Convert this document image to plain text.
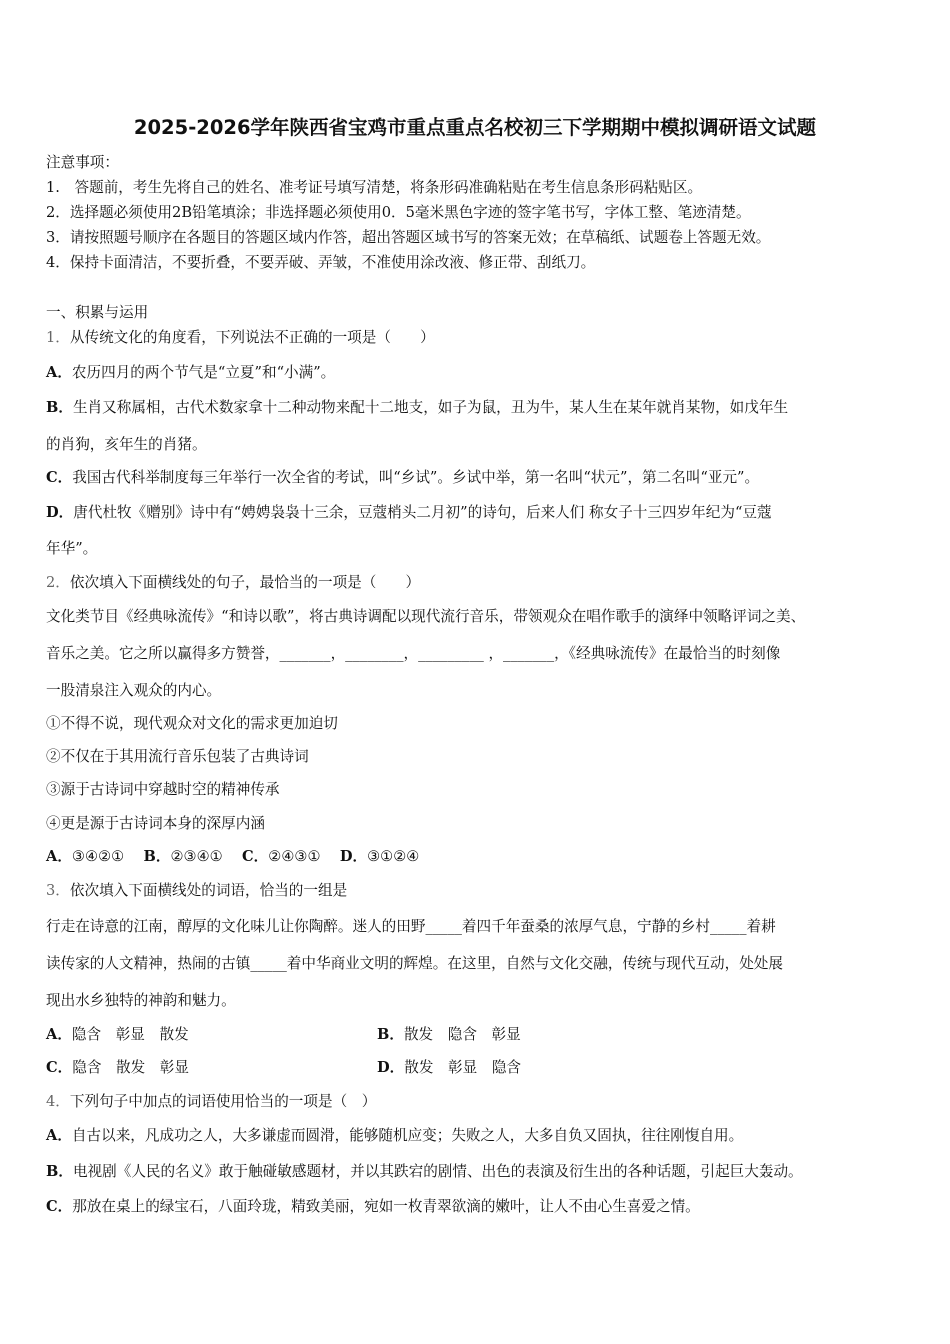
2025-2026学年陕西省宝鸡市重点重点名校初三下学期期中模拟调研语文试题
注意事项：
1.　答题前，考生先将自己的姓名、准考证号填写清楚，将条形码准确粘贴在考生信息条形码粘贴区。
2．选择题必须使用2B铅笔填涂；非选择题必须使用0．5毫米黑色字迹的签字笔书写，字体工整、笔迹清楚。
3．请按照题号顺序在各题目的答题区域内作答，超出答题区域书写的答案无效；在草稿纸、试题卷上答题无效。
4．保持卡面清洁，不要折叠，不要弄破、弄皱，不准使用涂改液、修正带、刮纸刀。
一、积累与运用
1．从传统文化的角度看，下列说法不正确的一项是（　　）
A．农历四月的两个节气是“立夏”和“小满”。
B．生肖又称属相，古代术数家拿十二种动物来配十二地支，如子为鼠，丑为牛，某人生在某年就肖某物，如戊年生
的肖狗，亥年生的肖猪。
C．我国古代科举制度每三年举行一次全省的考试，叫“乡试”。乡试中举，第一名叫“状元”，第二名叫“亚元”。
D．唐代杜牧《赠别》诗中有“娉娉袅袅十三余，豆蔻梢头二月初”的诗句，后来人们 称女子十三四岁年纪为“豆蔻
年华”。
2．依次填入下面横线处的句子，最恰当的一项是（　　）
文化类节目《经典咏流传》“和诗以歌”，将古典诗调配以现代流行音乐，带领观众在唱作歌手的演绎中领略评词之美、
音乐之美。它之所以赢得多方赞誉，_______，________，_________ ，_______，《经典咏流传》在最恰当的时刻像
一股清泉注入观众的内心。
①不得不说，现代观众对文化的需求更加迫切
②不仅在于其用流行音乐包装了古典诗词
③源于古诗词中穿越时空的精神传承
④更是源于古诗词本身的深厚内涵
A．③④②①　 B．②③④①　 C．②④③①　 D．③①②④
3．依次填入下面横线处的词语，恰当的一组是
行走在诗意的江南，醇厚的文化味儿让你陶醉。迷人的田野_____着四千年蚕桑的浓厚气息，宁静的乡村_____着耕
读传家的人文精神，热闹的古镇_____着中华商业文明的辉煌。在这里，自然与文化交融，传统与现代互动，处处展
现出水乡独特的神韵和魅力。
A．隐含　彰显　散发	B．散发　隐含　彰显
C．隐含　散发　彰显	D．散发　彰显　隐含
4．下列句子中加点的词语使用恰当的一项是（　）
A．自古以来，凡成功之人，大多谦虚而圆滑，能够随机应变；失败之人，大多自负又固执，往往刚愎自用。
B．电视剧《人民的名义》敢于触碰敏感题材，并以其跌宕的剧情、出色的表演及衍生出的各种话题，引起巨大轰动。
C．那放在桌上的绿宝石，八面玲珑，精致美丽，宛如一枚青翠欲滴的嫩叶，让人不由心生喜爱之情。
